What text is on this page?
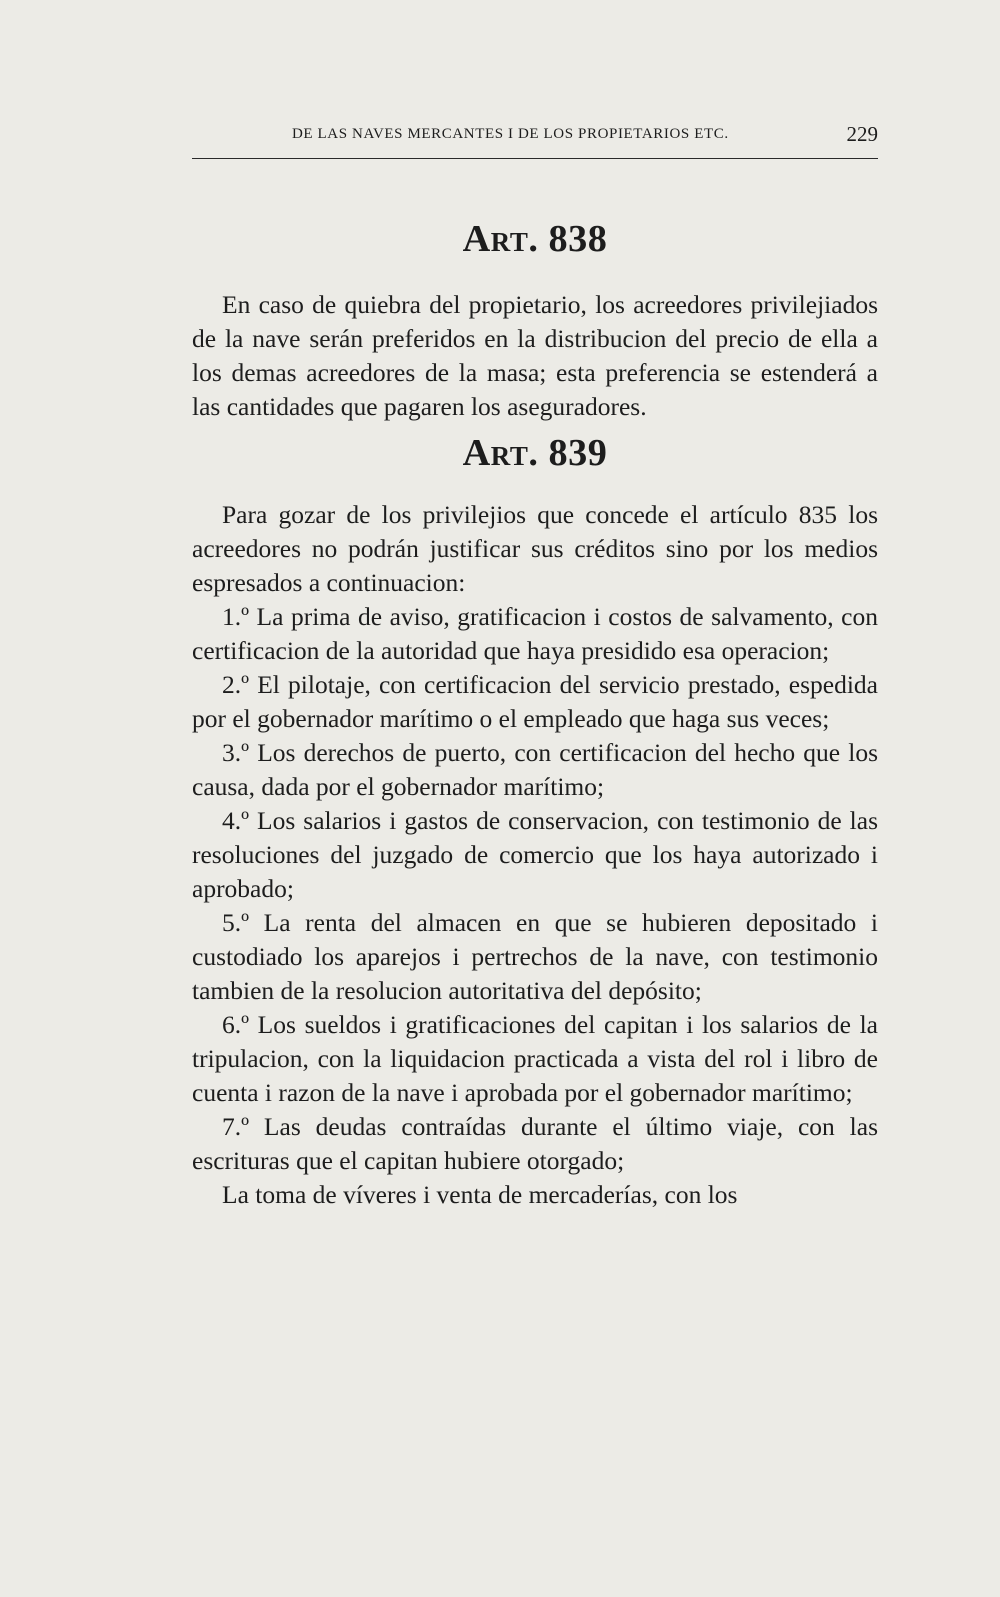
DE LAS NAVES MERCANTES I DE LOS PROPIETARIOS ETC.	229
Art. 838

En caso de quiebra del propietario, los acreedores privilejiados de la nave serán preferidos en la distribucion del precio de ella a los demas acreedores de la masa; esta preferencia se estenderá a las cantidades que pagaren los aseguradores.

Art. 839

Para gozar de los privilejios que concede el artículo 835 los acreedores no podrán justificar sus créditos sino por los medios espresados a continuacion:

1.º La prima de aviso, gratificacion i costos de salvamento, con certificacion de la autoridad que haya presidido esa operacion;

2.º El pilotaje, con certificacion del servicio prestado, espedida por el gobernador marítimo o el empleado que haga sus veces;

3.º Los derechos de puerto, con certificacion del hecho que los causa, dada por el gobernador marítimo;

4.º Los salarios i gastos de conservacion, con testimonio de las resoluciones del juzgado de comercio que los haya autorizado i aprobado;

5.º La renta del almacen en que se hubieren depositado i custodiado los aparejos i pertrechos de la nave, con testimonio tambien de la resolucion autoritativa del depósito;

6.º Los sueldos i gratificaciones del capitan i los salarios de la tripulacion, con la liquidacion practicada a vista del rol i libro de cuenta i razon de la nave i aprobada por el gobernador marítimo;

7.º Las deudas contraídas durante el último viaje, con las escrituras que el capitan hubiere otorgado;

La toma de víveres i venta de mercaderías, con los
